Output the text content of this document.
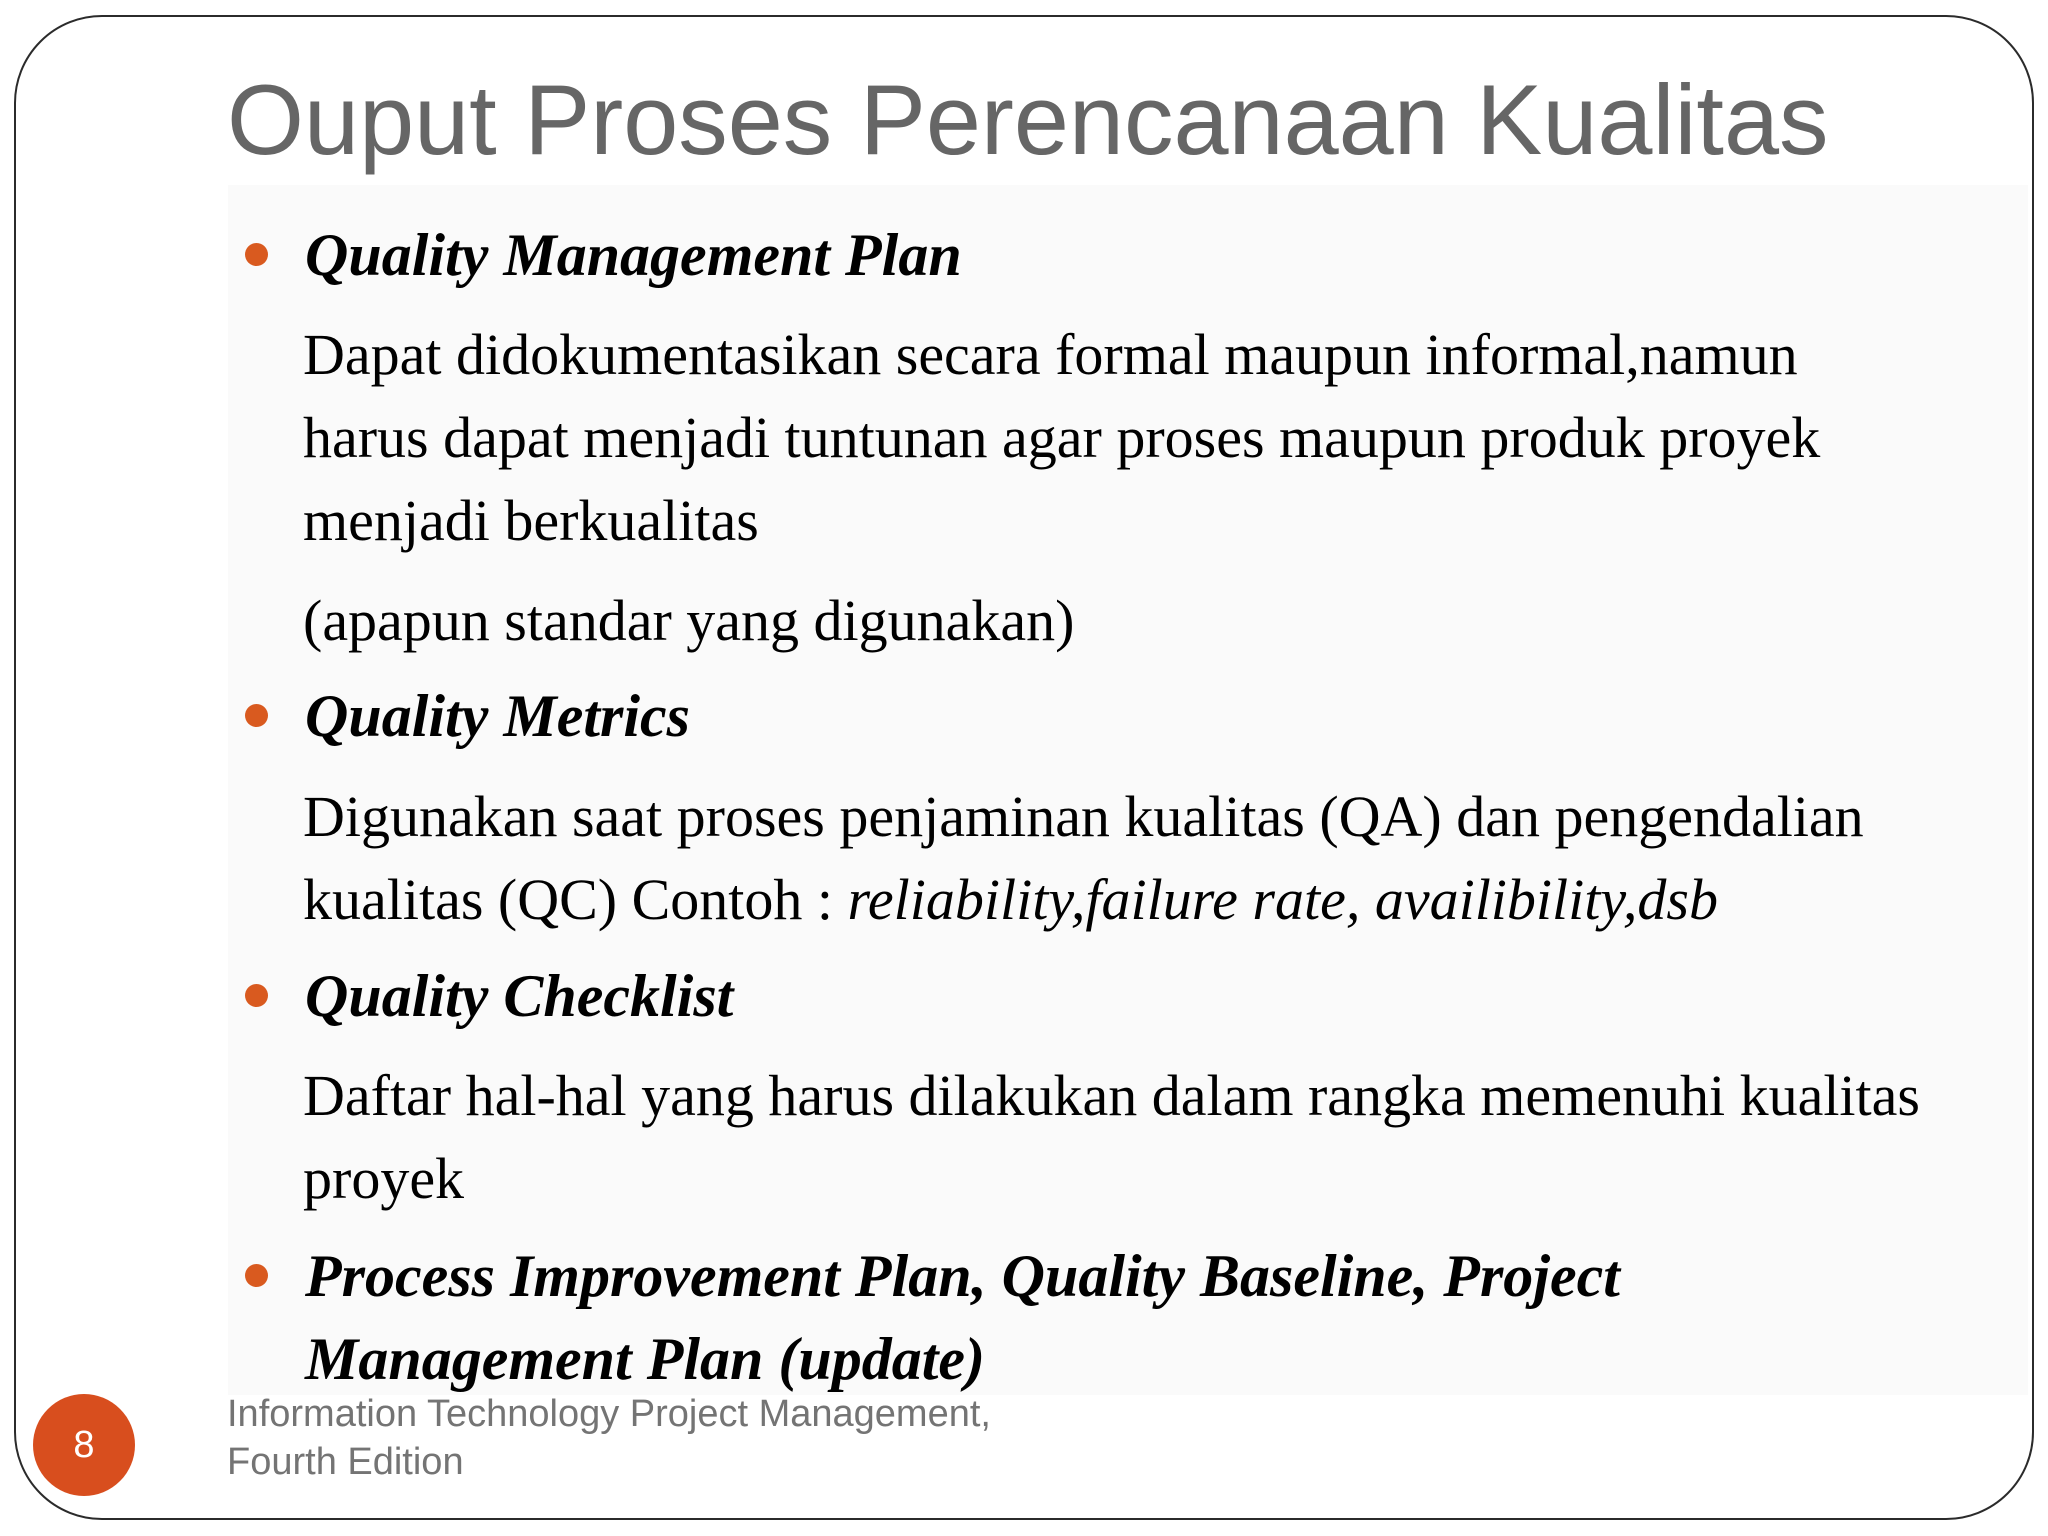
Ouput Proses Perencanaan Kualitas

Quality Management Plan

Dapat didokumentasikan secara formal maupun informal,namun

harus dapat menjadi tuntunan agar proses maupun produk proyek

menjadi berkualitas

(apapun standar yang digunakan)

Quality Metrics

Digunakan saat proses penjaminan kualitas (QA) dan pengendalian

kualitas (QC) Contoh : reliability,failure rate, availibility,dsb

Quality Checklist

Daftar hal-hal yang harus dilakukan dalam rangka memenuhi kualitas

proyek

Process Improvement Plan, Quality Baseline, Project

Management Plan (update)

8

Information Technology Project Management,
Fourth Edition
